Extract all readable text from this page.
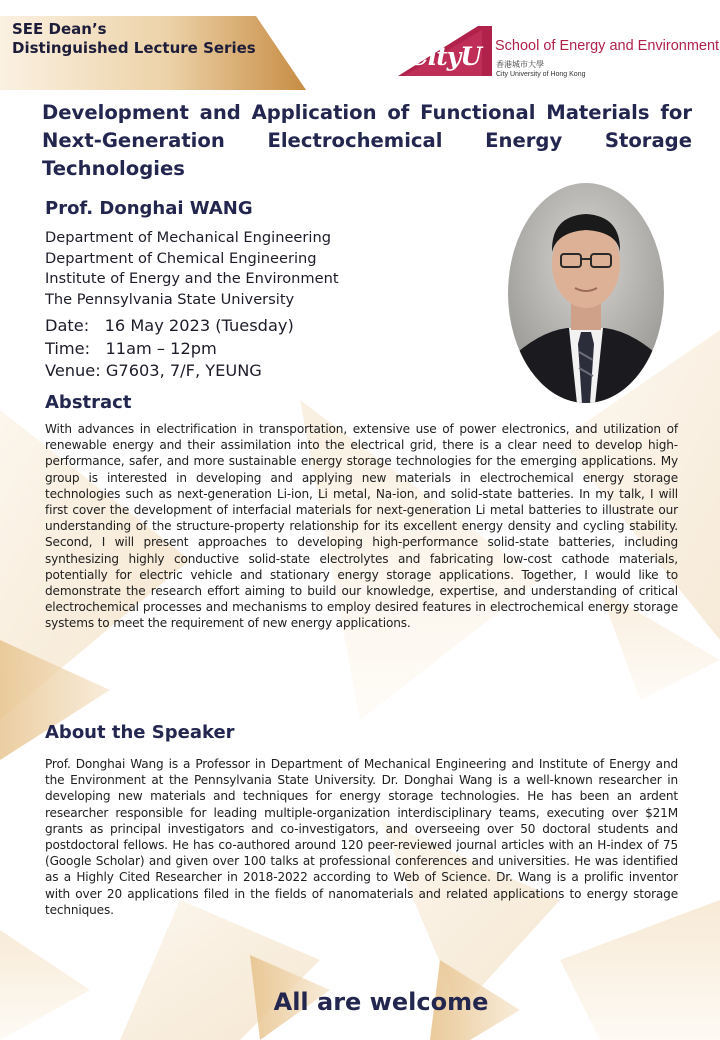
SEE Dean’s
Distinguished Lecture Series	CityU School of Energy and Environment
香港城市大學
City University of Hong Kong
Development and Application of Functional Materials for Next-Generation Electrochemical Energy Storage Technologies
Prof. Donghai WANG
Department of Mechanical Engineering
Department of Chemical Engineering
Institute of Energy and the Environment
The Pennsylvania State University
Date:   16 May 2023 (Tuesday)
Time:   11am – 12pm
Venue: G7603, 7/F, YEUNG
Abstract

With advances in electrification in transportation, extensive use of power electronics, and utilization of renewable energy and their assimilation into the electrical grid, there is a clear need to develop high-performance, safer, and more sustainable energy storage technologies for the emerging applications. My group is interested in developing and applying new materials in electrochemical energy storage technologies such as next-generation Li-ion, Li metal, Na-ion, and solid-state batteries. In my talk, I will first cover the development of interfacial materials for next-generation Li metal batteries to illustrate our understanding of the structure-property relationship for its excellent energy density and cycling stability. Second, I will present approaches to developing high-performance solid-state batteries, including synthesizing highly conductive solid-state electrolytes and fabricating low-cost cathode materials, potentially for electric vehicle and stationary energy storage applications. Together, I would like to demonstrate the research effort aiming to build our knowledge, expertise, and understanding of critical electrochemical processes and mechanisms to employ desired features in electrochemical energy storage systems to meet the requirement of new energy applications.

About the Speaker

Prof. Donghai Wang is a Professor in Department of Mechanical Engineering and Institute of Energy and the Environment at the Pennsylvania State University. Dr. Donghai Wang is a well-known researcher in developing new materials and techniques for energy storage technologies. He has been an ardent researcher responsible for leading multiple-organization interdisciplinary teams, executing over $21M grants as principal investigators and co-investigators, and overseeing over 50 doctoral students and postdoctoral fellows. He has co-authored around 120 peer-reviewed journal articles with an H-index of 75 (Google Scholar) and given over 100 talks at professional conferences and universities. He was identified as a Highly Cited Researcher in 2018-2022 according to Web of Science. Dr. Wang is a prolific inventor with over 20 applications filed in the fields of nanomaterials and related applications to energy storage techniques.

All are welcome
